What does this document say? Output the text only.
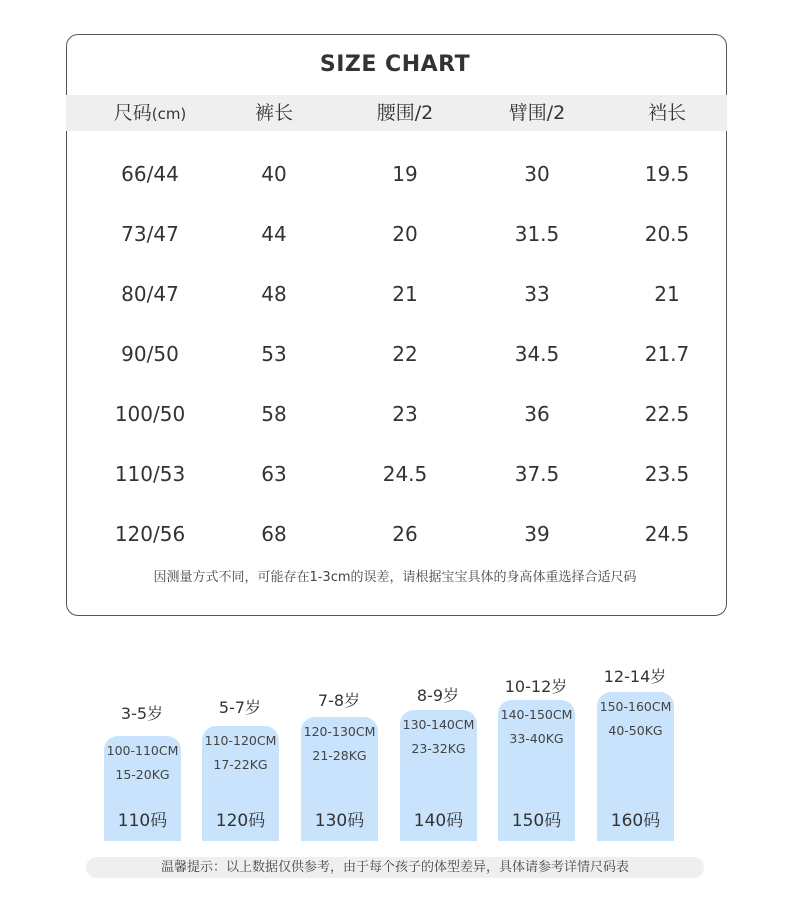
SIZE CHART
尺码(cm)	裤长	腰围/2	臂围/2	裆长
66/44	40	19	30	19.5
73/47	44	20	31.5	20.5
80/47	48	21	33	21
90/50	53	22	34.5	21.7
100/50	58	23	36	22.5
110/53	63	24.5	37.5	23.5
120/56	68	26	39	24.5
因测量方式不同，可能存在1-3cm的误差，请根据宝宝具体的身高体重选择合适尺码
3-5岁
100-110CM
15-20KG
110码
5-7岁
110-120CM
17-22KG
120码
7-8岁
120-130CM
21-28KG
130码
8-9岁
130-140CM
23-32KG
140码
10-12岁
140-150CM
33-40KG
150码
12-14岁
150-160CM
40-50KG
160码
温馨提示：以上数据仅供参考，由于每个孩子的体型差异，具体请参考详情尺码表
